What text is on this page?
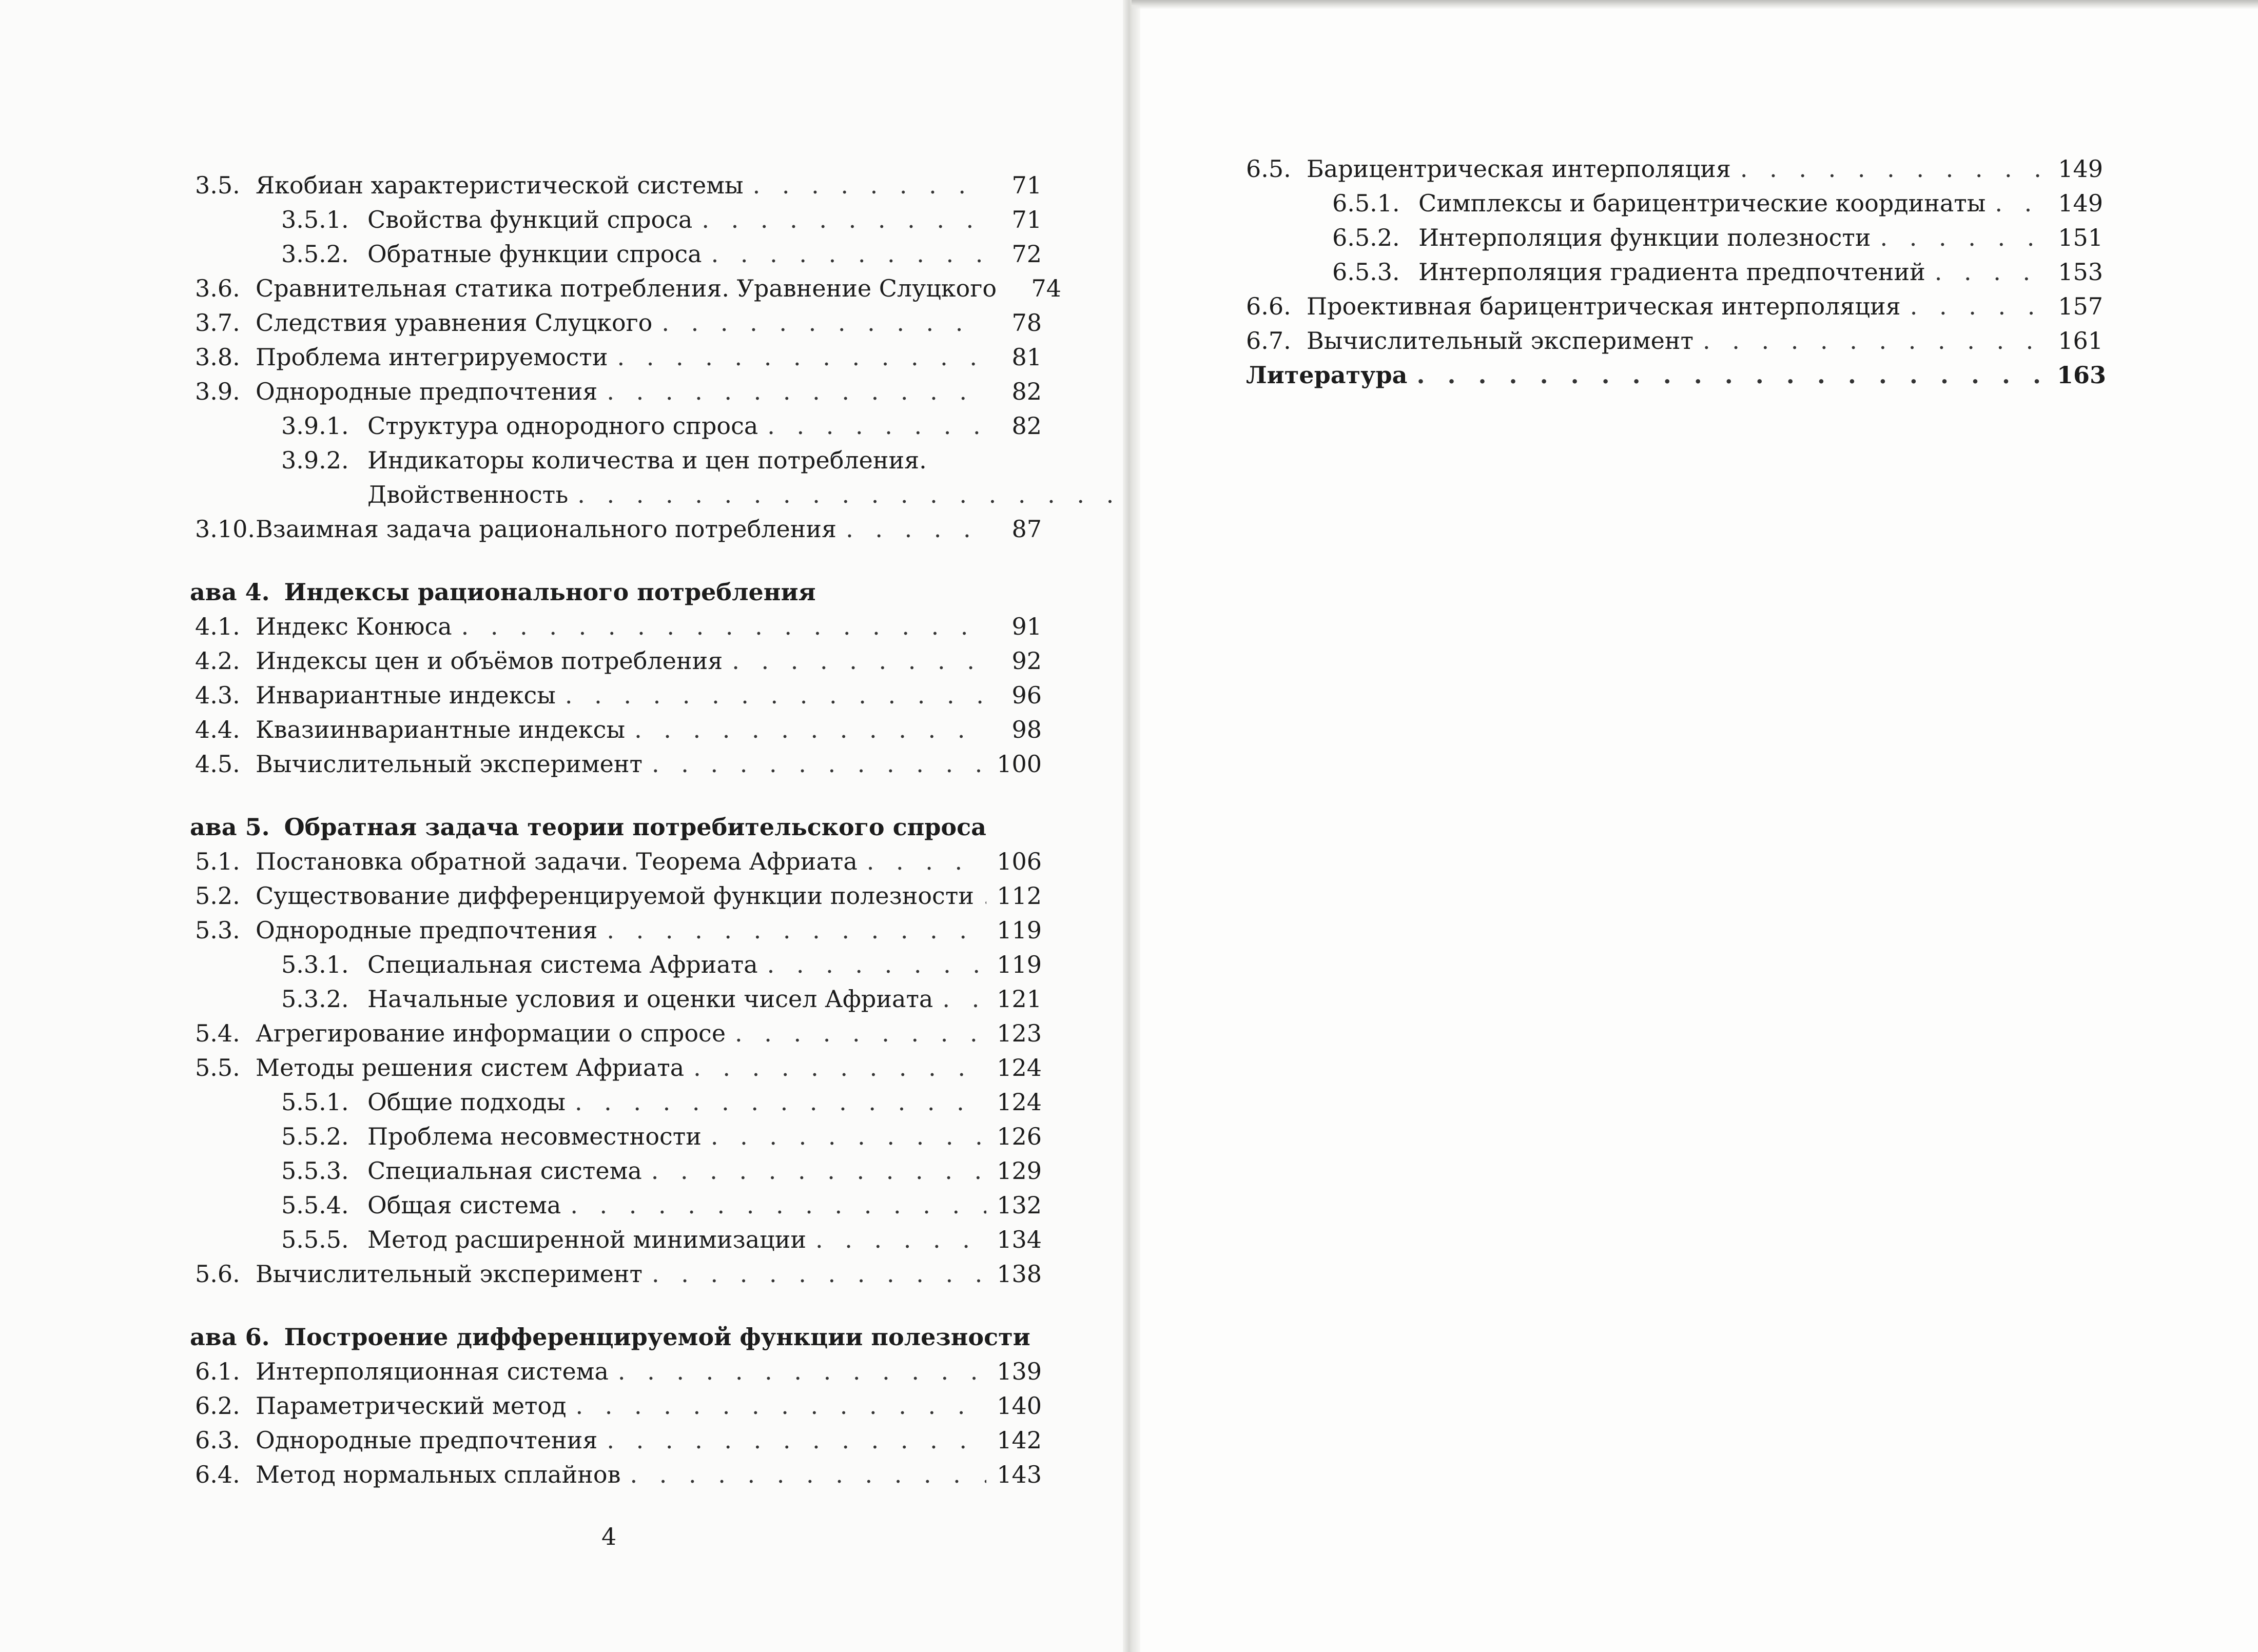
3.5. Якобиан характеристической системы . . .	71
3.5.1. Свойства функций спроса . . .	71
3.5.2. Обратные функции спроса . . .	72
3.6. Сравнительная статика потребления. Уравнение Слуцкого	74
3.7. Следствия уравнения Слуцкого . . .	78
3.8. Проблема интегрируемости . . .	81
3.9. Однородные предпочтения . . .	82
3.9.1. Структура однородного спроса . . .	82
3.9.2. Индикаторы количества и цен потребления.
Двойственность
. . .
3.10. Взаимная задача рационального потребления . . .	87
ава 4. Индексы рационального потребления
4.1. Индекс Конюса . . .	91
4.2. Индексы цен и объёмов потребления . . .	92
4.3. Инвариантные индексы . . .	96
4.4. Квазиинвариантные индексы . . .	98
4.5. Вычислительный эксперимент . . .	100
ава 5. Обратная задача теории потребительского спроса
5.1. Постановка обратной задачи. Теорема Африата . . .	106
5.2. Существование дифференцируемой функции полезности . . . 112
5.3. Однородные предпочтения . . .	119
5.3.1. Специальная система Африата . . .	119
5.3.2. Начальные условия и оценки чисел Африата . . .	121
5.4. Агрегирование информации о спросе . . .	123
5.5. Методы решения систем Африата . . .	124
5.5.1. Общие подходы . . .	124
5.5.2. Проблема несовместности . . .	126
5.5.3. Специальная система . . .	129
5.5.4. Общая система . . .	132
5.5.5. Метод расширенной минимизации . . .	134
5.6. Вычислительный эксперимент . . .	138
ава 6. Построение дифференцируемой функции полезности
6.1. Интерполяционная система . . .	139
6.2. Параметрический метод . . .	140
6.3. Однородные предпочтения . . .	142
6.4. Метод нормальных сплайнов . . .	143
4
6.5. Барицентрическая интерполяция . . .	149
6.5.1. Симплексы и барицентрические координаты . . .	149
6.5.2. Интерполяция функции полезности . . .	151
6.5.3. Интерполяция градиента предпочтений . . .	153
6.6. Проективная барицентрическая интерполяция . . .	157
6.7. Вычислительный эксперимент . . .	161
Литература . . .	163
